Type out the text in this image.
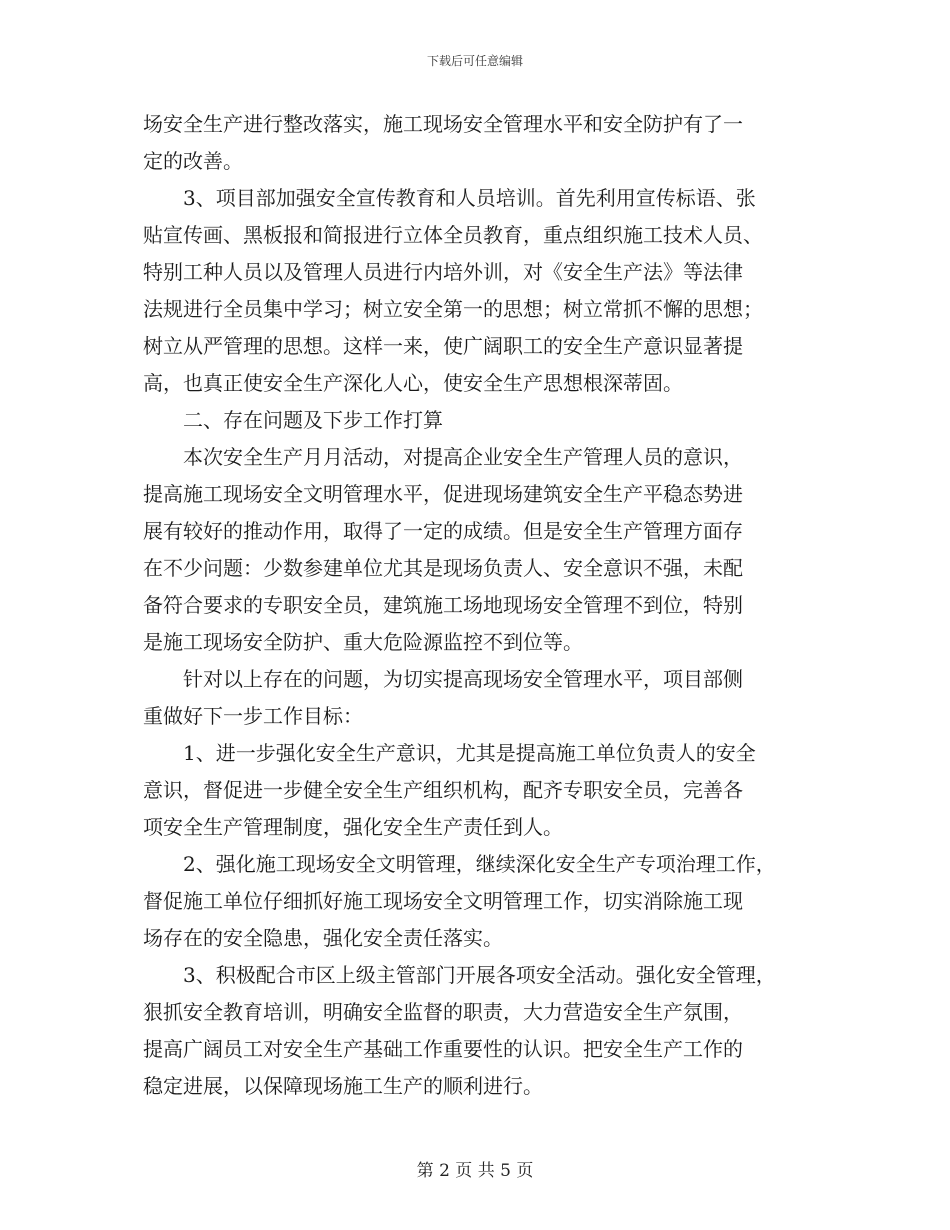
下载后可任意编辑
场安全生产进行整改落实，施工现场安全管理水平和安全防护有了一
定的改善。
3、项目部加强安全宣传教育和人员培训。首先利用宣传标语、张
贴宣传画、黑板报和简报进行立体全员教育，重点组织施工技术人员、
特别工种人员以及管理人员进行内培外训，对《安全生产法》等法律
法规进行全员集中学习；树立安全第一的思想；树立常抓不懈的思想；
树立从严管理的思想。这样一来，使广阔职工的安全生产意识显著提
高，也真正使安全生产深化人心，使安全生产思想根深蒂固。
二、存在问题及下步工作打算
本次安全生产月月活动，对提高企业安全生产管理人员的意识，
提高施工现场安全文明管理水平，促进现场建筑安全生产平稳态势进
展有较好的推动作用，取得了一定的成绩。但是安全生产管理方面存
在不少问题：少数参建单位尤其是现场负责人、安全意识不强，未配
备符合要求的专职安全员，建筑施工场地现场安全管理不到位，特别
是施工现场安全防护、重大危险源监控不到位等。
针对以上存在的问题，为切实提高现场安全管理水平，项目部侧
重做好下一步工作目标：
1、进一步强化安全生产意识，尤其是提高施工单位负责人的安全
意识，督促进一步健全安全生产组织机构，配齐专职安全员，完善各
项安全生产管理制度，强化安全生产责任到人。
2、强化施工现场安全文明管理，继续深化安全生产专项治理工作，
督促施工单位仔细抓好施工现场安全文明管理工作，切实消除施工现
场存在的安全隐患，强化安全责任落实。
3、积极配合市区上级主管部门开展各项安全活动。强化安全管理，
狠抓安全教育培训，明确安全监督的职责，大力营造安全生产氛围，
提高广阔员工对安全生产基础工作重要性的认识。把安全生产工作的
稳定进展，以保障现场施工生产的顺利进行。
第 2 页 共 5 页
